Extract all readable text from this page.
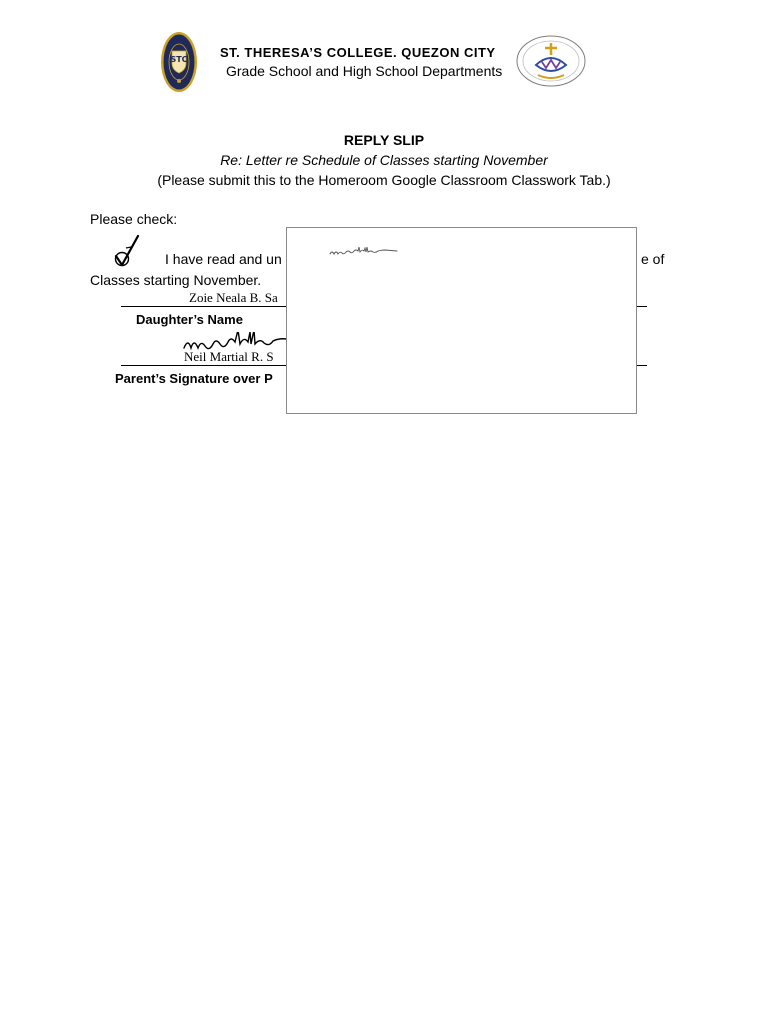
STC ST. THERESA’S COLLEGE. QUEZON CITY
Grade School and High School Departments
REPLY SLIP
Re: Letter re Schedule of Classes starting November
(Please submit this to the Homeroom Google Classroom Classwork Tab.)
Please check:
I have read and un	e of
Classes starting November.
Zoie Neala B. Sa
Daughter’s Name
Neil Martial R. S
Parent’s Signature over P
